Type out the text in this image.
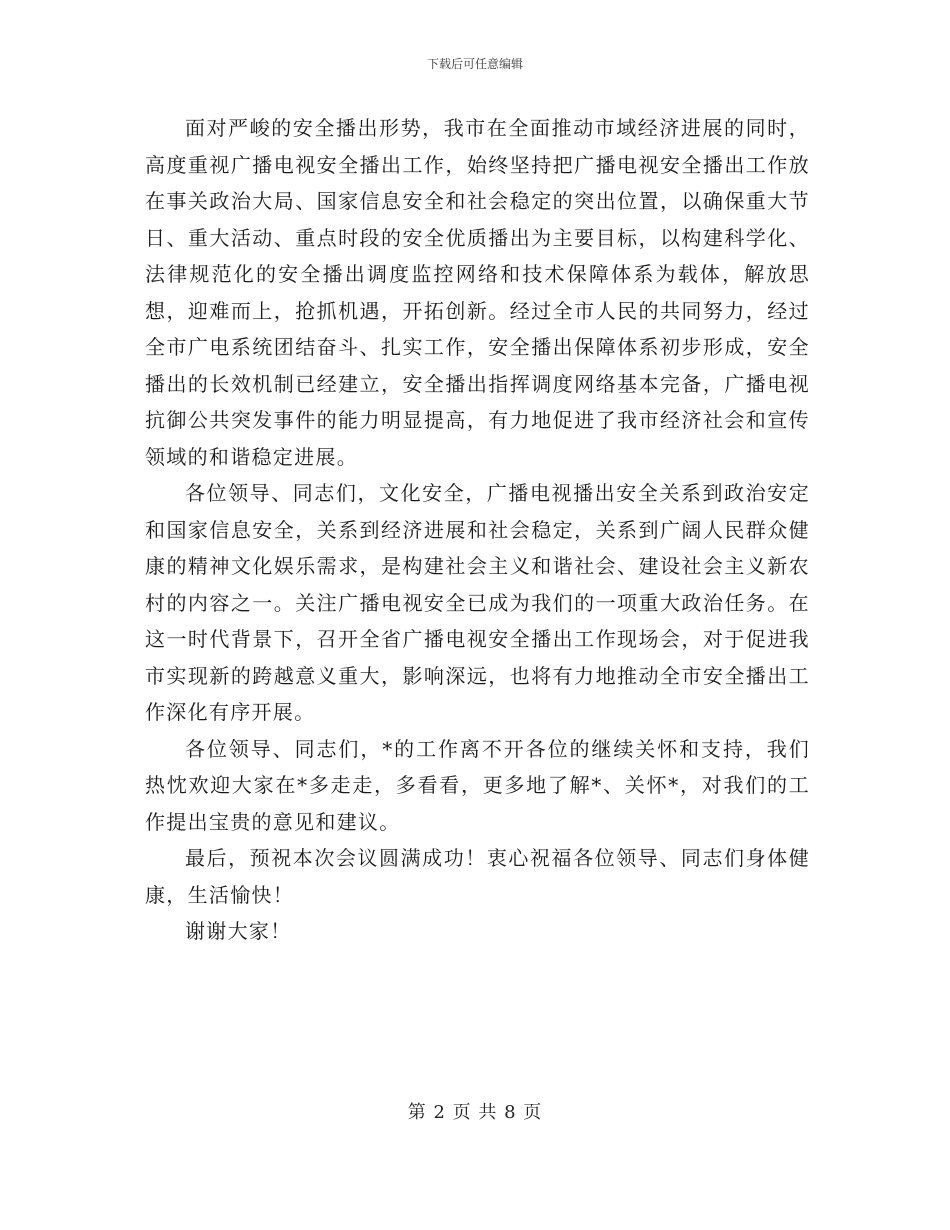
下载后可任意编辑

面对严峻的安全播出形势，我市在全面推动市域经济进展的同时，高度重视广播电视安全播出工作，始终坚持把广播电视安全播出工作放在事关政治大局、国家信息安全和社会稳定的突出位置，以确保重大节日、重大活动、重点时段的安全优质播出为主要目标，以构建科学化、法律规范化的安全播出调度监控网络和技术保障体系为载体，解放思想，迎难而上，抢抓机遇，开拓创新。经过全市人民的共同努力，经过全市广电系统团结奋斗、扎实工作，安全播出保障体系初步形成，安全播出的长效机制已经建立，安全播出指挥调度网络基本完备，广播电视抗御公共突发事件的能力明显提高，有力地促进了我市经济社会和宣传领域的和谐稳定进展。

各位领导、同志们，文化安全，广播电视播出安全关系到政治安定和国家信息安全，关系到经济进展和社会稳定，关系到广阔人民群众健康的精神文化娱乐需求，是构建社会主义和谐社会、建设社会主义新农村的内容之一。关注广播电视安全已成为我们的一项重大政治任务。在这一时代背景下，召开全省广播电视安全播出工作现场会，对于促进我市实现新的跨越意义重大，影响深远，也将有力地推动全市安全播出工作深化有序开展。

各位领导、同志们，*的工作离不开各位的继续关怀和支持，我们热忱欢迎大家在*多走走，多看看，更多地了解*、关怀*，对我们的工作提出宝贵的意见和建议。

最后，预祝本次会议圆满成功！衷心祝福各位领导、同志们身体健康，生活愉快！

谢谢大家！

第 2 页 共 8 页
